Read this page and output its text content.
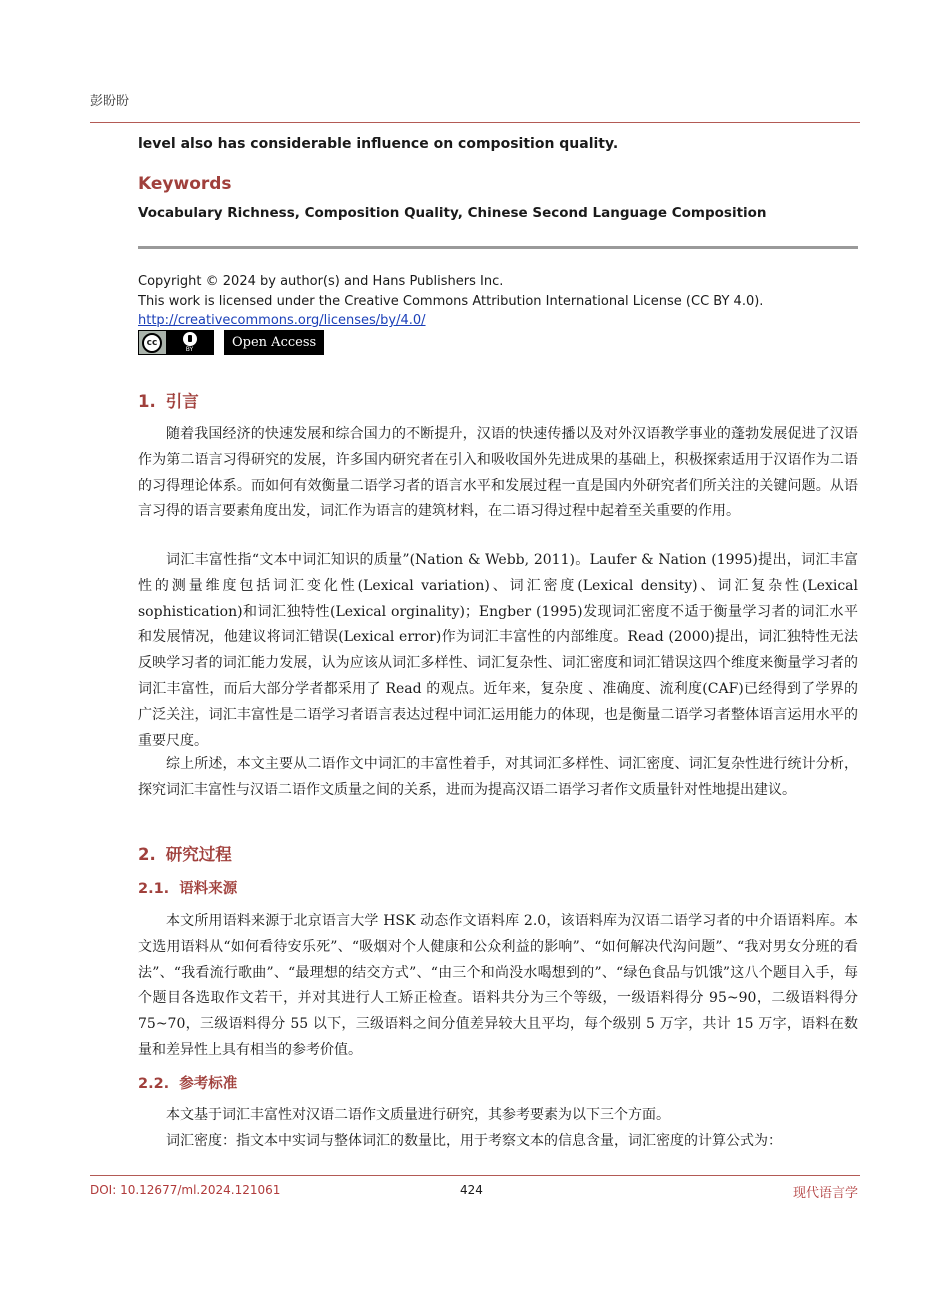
彭盼盼
level also has considerable influence on composition quality.
Keywords
Vocabulary Richness, Composition Quality, Chinese Second Language Composition
Copyright © 2024 by author(s) and Hans Publishers Inc.
This work is licensed under the Creative Commons Attribution International License (CC BY 4.0).
http://creativecommons.org/licenses/by/4.0/
cc
BY	Open Access
1. 引言

随着我国经济的快速发展和综合国力的不断提升，汉语的快速传播以及对外汉语教学事业的蓬勃发展促进了汉语作为第二语言习得研究的发展，许多国内研究者在引入和吸收国外先进成果的基础上，积极探索适用于汉语作为二语的习得理论体系。而如何有效衡量二语学习者的语言水平和发展过程一直是国内外研究者们所关注的关键问题。从语言习得的语言要素角度出发，词汇作为语言的建筑材料，在二语习得过程中起着至关重要的作用。

词汇丰富性指“文本中词汇知识的质量”(Nation & Webb, 2011)。Laufer & Nation (1995)提出，词汇丰富性的测量维度包括词汇变化性(Lexical variation)、词汇密度(Lexical density)、词汇复杂性(Lexical sophistication)和词汇独特性(Lexical orginality)；Engber (1995)发现词汇密度不适于衡量学习者的词汇水平和发展情况，他建议将词汇错误(Lexical error)作为词汇丰富性的内部维度。Read (2000)提出，词汇独特性无法反映学习者的词汇能力发展，认为应该从词汇多样性、词汇复杂性、词汇密度和词汇错误这四个维度来衡量学习者的词汇丰富性，而后大部分学者都采用了 Read 的观点。近年来，复杂度 、准确度、流利度(CAF)已经得到了学界的广泛关注，词汇丰富性是二语学习者语言表达过程中词汇运用能力的体现，也是衡量二语学习者整体语言运用水平的重要尺度。

综上所述，本文主要从二语作文中词汇的丰富性着手，对其词汇多样性、词汇密度、词汇复杂性进行统计分析，探究词汇丰富性与汉语二语作文质量之间的关系，进而为提高汉语二语学习者作文质量针对性地提出建议。

2. 研究过程
2.1. 语料来源

本文所用语料来源于北京语言大学 HSK 动态作文语料库 2.0，该语料库为汉语二语学习者的中介语语料库。本文选用语料从“如何看待安乐死”、“吸烟对个人健康和公众利益的影响”、“如何解决代沟问题”、“我对男女分班的看法”、“我看流行歌曲”、“最理想的结交方式”、“由三个和尚没水喝想到的”、“绿色食品与饥饿”这八个题目入手，每个题目各选取作文若干，并对其进行人工矫正检查。语料共分为三个等级，一级语料得分 95~90，二级语料得分 75~70，三级语料得分 55 以下，三级语料之间分值差异较大且平均，每个级别 5 万字，共计 15 万字，语料在数量和差异性上具有相当的参考价值。

2.2. 参考标准

本文基于词汇丰富性对汉语二语作文质量进行研究，其参考要素为以下三个方面。

词汇密度：指文本中实词与整体词汇的数量比，用于考察文本的信息含量，词汇密度的计算公式为：

DOI: 10.12677/ml.2024.121061	424	现代语言学
